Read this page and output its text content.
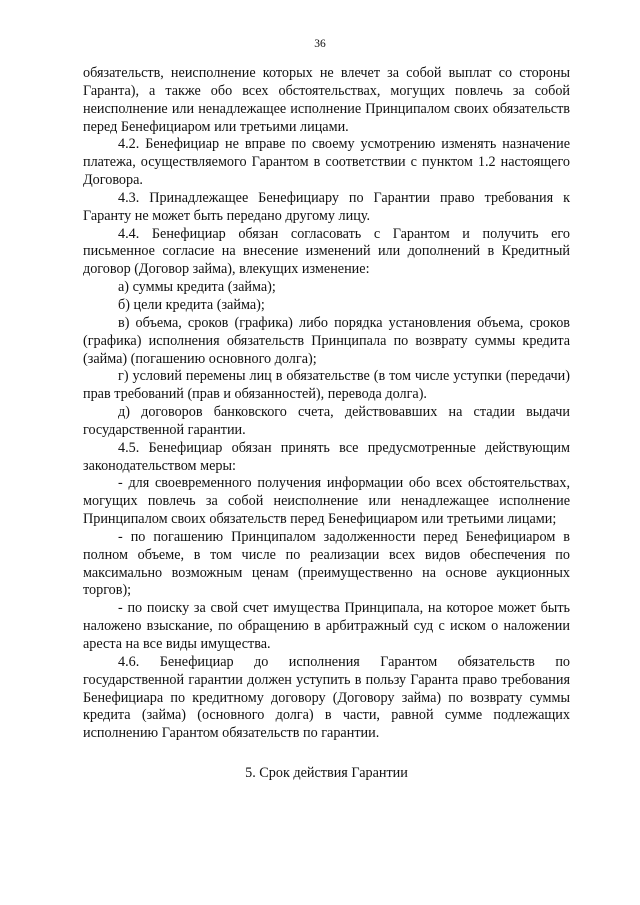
36

обязательств, неисполнение которых не влечет за собой выплат со стороны Гаранта), а также обо всех обстоятельствах, могущих повлечь за собой неисполнение или ненадлежащее исполнение Принципалом своих обязательств перед Бенефициаром или третьими лицами.

4.2. Бенефициар не вправе по своему усмотрению изменять назначение платежа, осуществляемого Гарантом в соответствии с пунктом 1.2 настоящего Договора.

4.3. Принадлежащее Бенефициару по Гарантии право требования к Гаранту не может быть передано другому лицу.

4.4. Бенефициар обязан согласовать с Гарантом и получить его письменное согласие на внесение изменений или дополнений в Кредитный договор (Договор займа), влекущих изменение:

а) суммы кредита (займа);

б) цели кредита (займа);

в) объема, сроков (графика) либо порядка установления объема, сроков (графика) исполнения обязательств Принципала по возврату суммы кредита (займа) (погашению основного долга);

г) условий перемены лиц в обязательстве (в том числе уступки (передачи) прав требований (прав и обязанностей), перевода долга).

д) договоров банковского счета, действовавших на стадии выдачи государственной гарантии.

4.5. Бенефициар обязан принять все предусмотренные действующим законодательством меры:

- для своевременного получения информации обо всех обстоятельствах, могущих повлечь за собой неисполнение или ненадлежащее исполнение Принципалом своих обязательств перед Бенефициаром или третьими лицами;

- по погашению Принципалом задолженности перед Бенефициаром в полном объеме, в том числе по реализации всех видов обеспечения по максимально возможным ценам (преимущественно на основе аукционных торгов);

- по поиску за свой счет имущества Принципала, на которое может быть наложено взыскание, по обращению в арбитражный суд с иском о наложении ареста на все виды имущества.

4.6. Бенефициар до исполнения Гарантом обязательств по государственной гарантии должен уступить в пользу Гаранта право требования Бенефициара по кредитному договору (Договору займа) по возврату суммы кредита (займа) (основного долга) в части, равной сумме подлежащих исполнению Гарантом обязательств по гарантии.

5. Срок действия Гарантии
